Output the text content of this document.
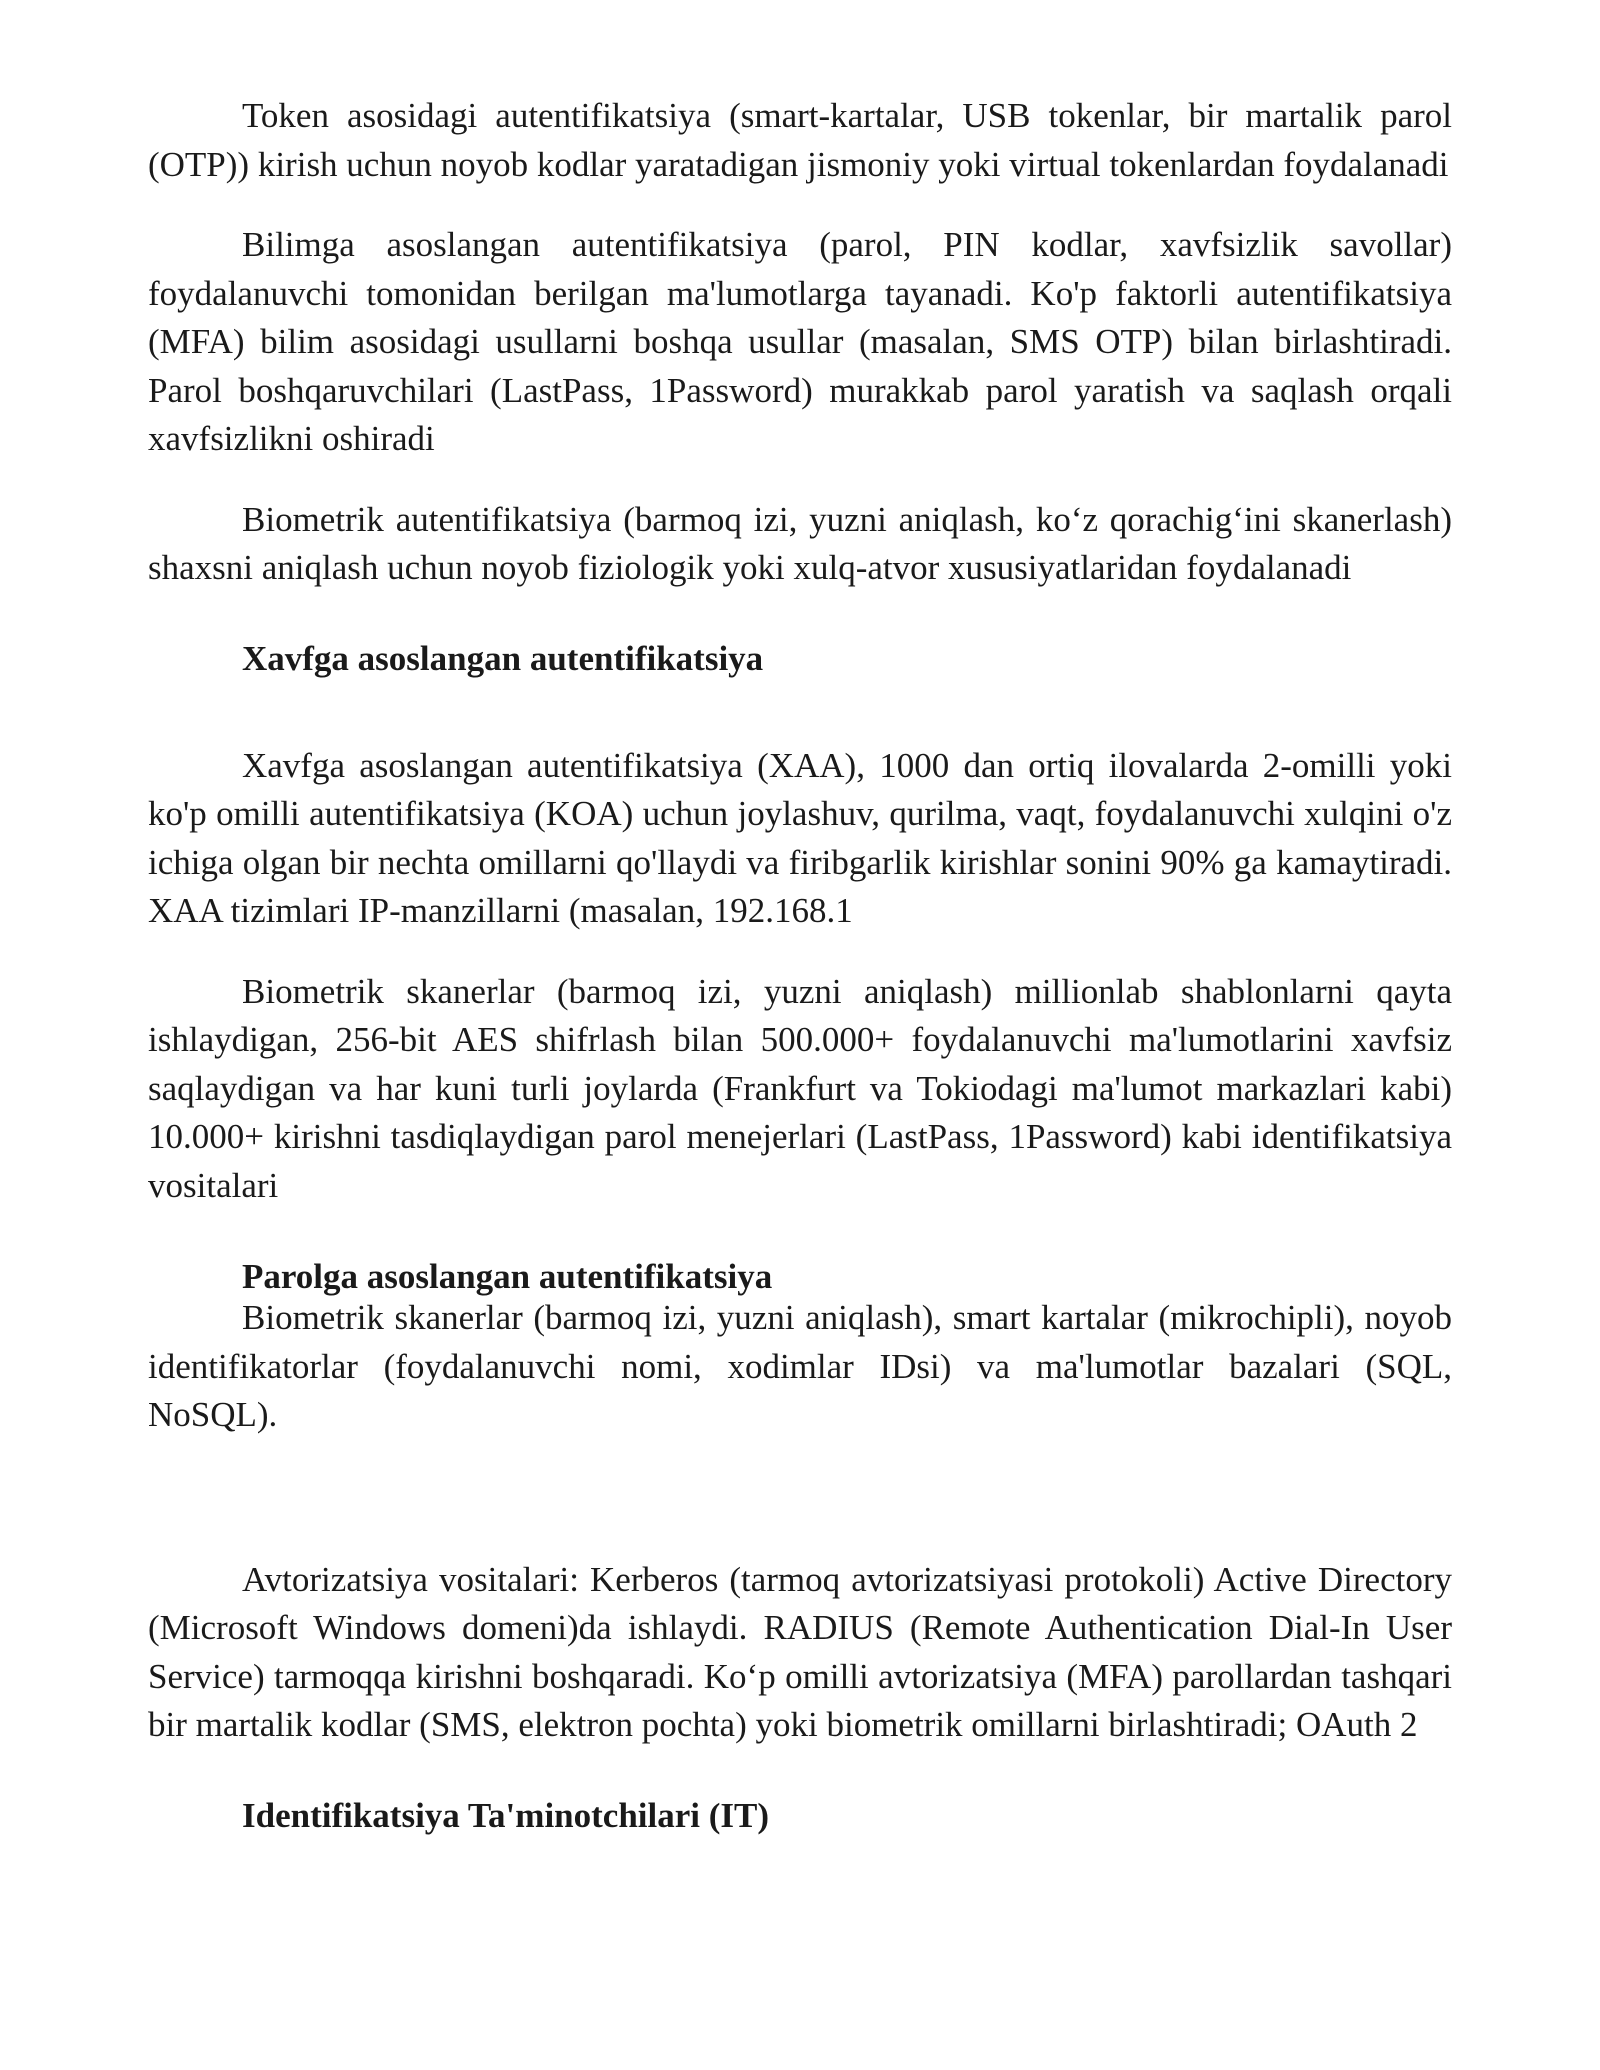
Token asosidagi autentifikatsiya (smart-kartalar, USB tokenlar, bir martalik parol (OTP)) kirish uchun noyob kodlar yaratadigan jismoniy yoki virtual tokenlardan foydalanadi

Bilimga asoslangan autentifikatsiya (parol, PIN kodlar, xavfsizlik savollar) foydalanuvchi tomonidan berilgan ma'lumotlarga tayanadi. Ko'p faktorli autentifikatsiya (MFA) bilim asosidagi usullarni boshqa usullar (masalan, SMS OTP) bilan birlashtiradi. Parol boshqaruvchilari (LastPass, 1Password) murakkab parol yaratish va saqlash orqali xavfsizlikni oshiradi

Biometrik autentifikatsiya (barmoq izi, yuzni aniqlash, ko‘z qorachig‘ini skanerlash) shaxsni aniqlash uchun noyob fiziologik yoki xulq-atvor xususiyatlaridan foydalanadi

Xavfga asoslangan autentifikatsiya

Xavfga asoslangan autentifikatsiya (XAA), 1000 dan ortiq ilovalarda 2-omilli yoki ko'p omilli autentifikatsiya (KOA) uchun joylashuv, qurilma, vaqt, foydalanuvchi xulqini o'z ichiga olgan bir nechta omillarni qo'llaydi va firibgarlik kirishlar sonini 90% ga kamaytiradi. XAA tizimlari IP-manzillarni (masalan, 192.168.1

Biometrik skanerlar (barmoq izi, yuzni aniqlash) millionlab shablonlarni qayta ishlaydigan, 256-bit AES shifrlash bilan 500.000+ foydalanuvchi ma'lumotlarini xavfsiz saqlaydigan va har kuni turli joylarda (Frankfurt va Tokiodagi ma'lumot markazlari kabi) 10.000+ kirishni tasdiqlaydigan parol menejerlari (LastPass, 1Password) kabi identifikatsiya vositalari

Parolga asoslangan autentifikatsiya

Biometrik skanerlar (barmoq izi, yuzni aniqlash), smart kartalar (mikrochipli), noyob identifikatorlar (foydalanuvchi nomi, xodimlar IDsi) va ma'lumotlar bazalari (SQL, NoSQL).

Avtorizatsiya vositalari: Kerberos (tarmoq avtorizatsiyasi protokoli) Active Directory (Microsoft Windows domeni)da ishlaydi. RADIUS (Remote Authentication Dial-In User Service) tarmoqqa kirishni boshqaradi. Ko‘p omilli avtorizatsiya (MFA) parollardan tashqari bir martalik kodlar (SMS, elektron pochta) yoki biometrik omillarni birlashtiradi; OAuth 2

Identifikatsiya Ta'minotchilari (IT)
